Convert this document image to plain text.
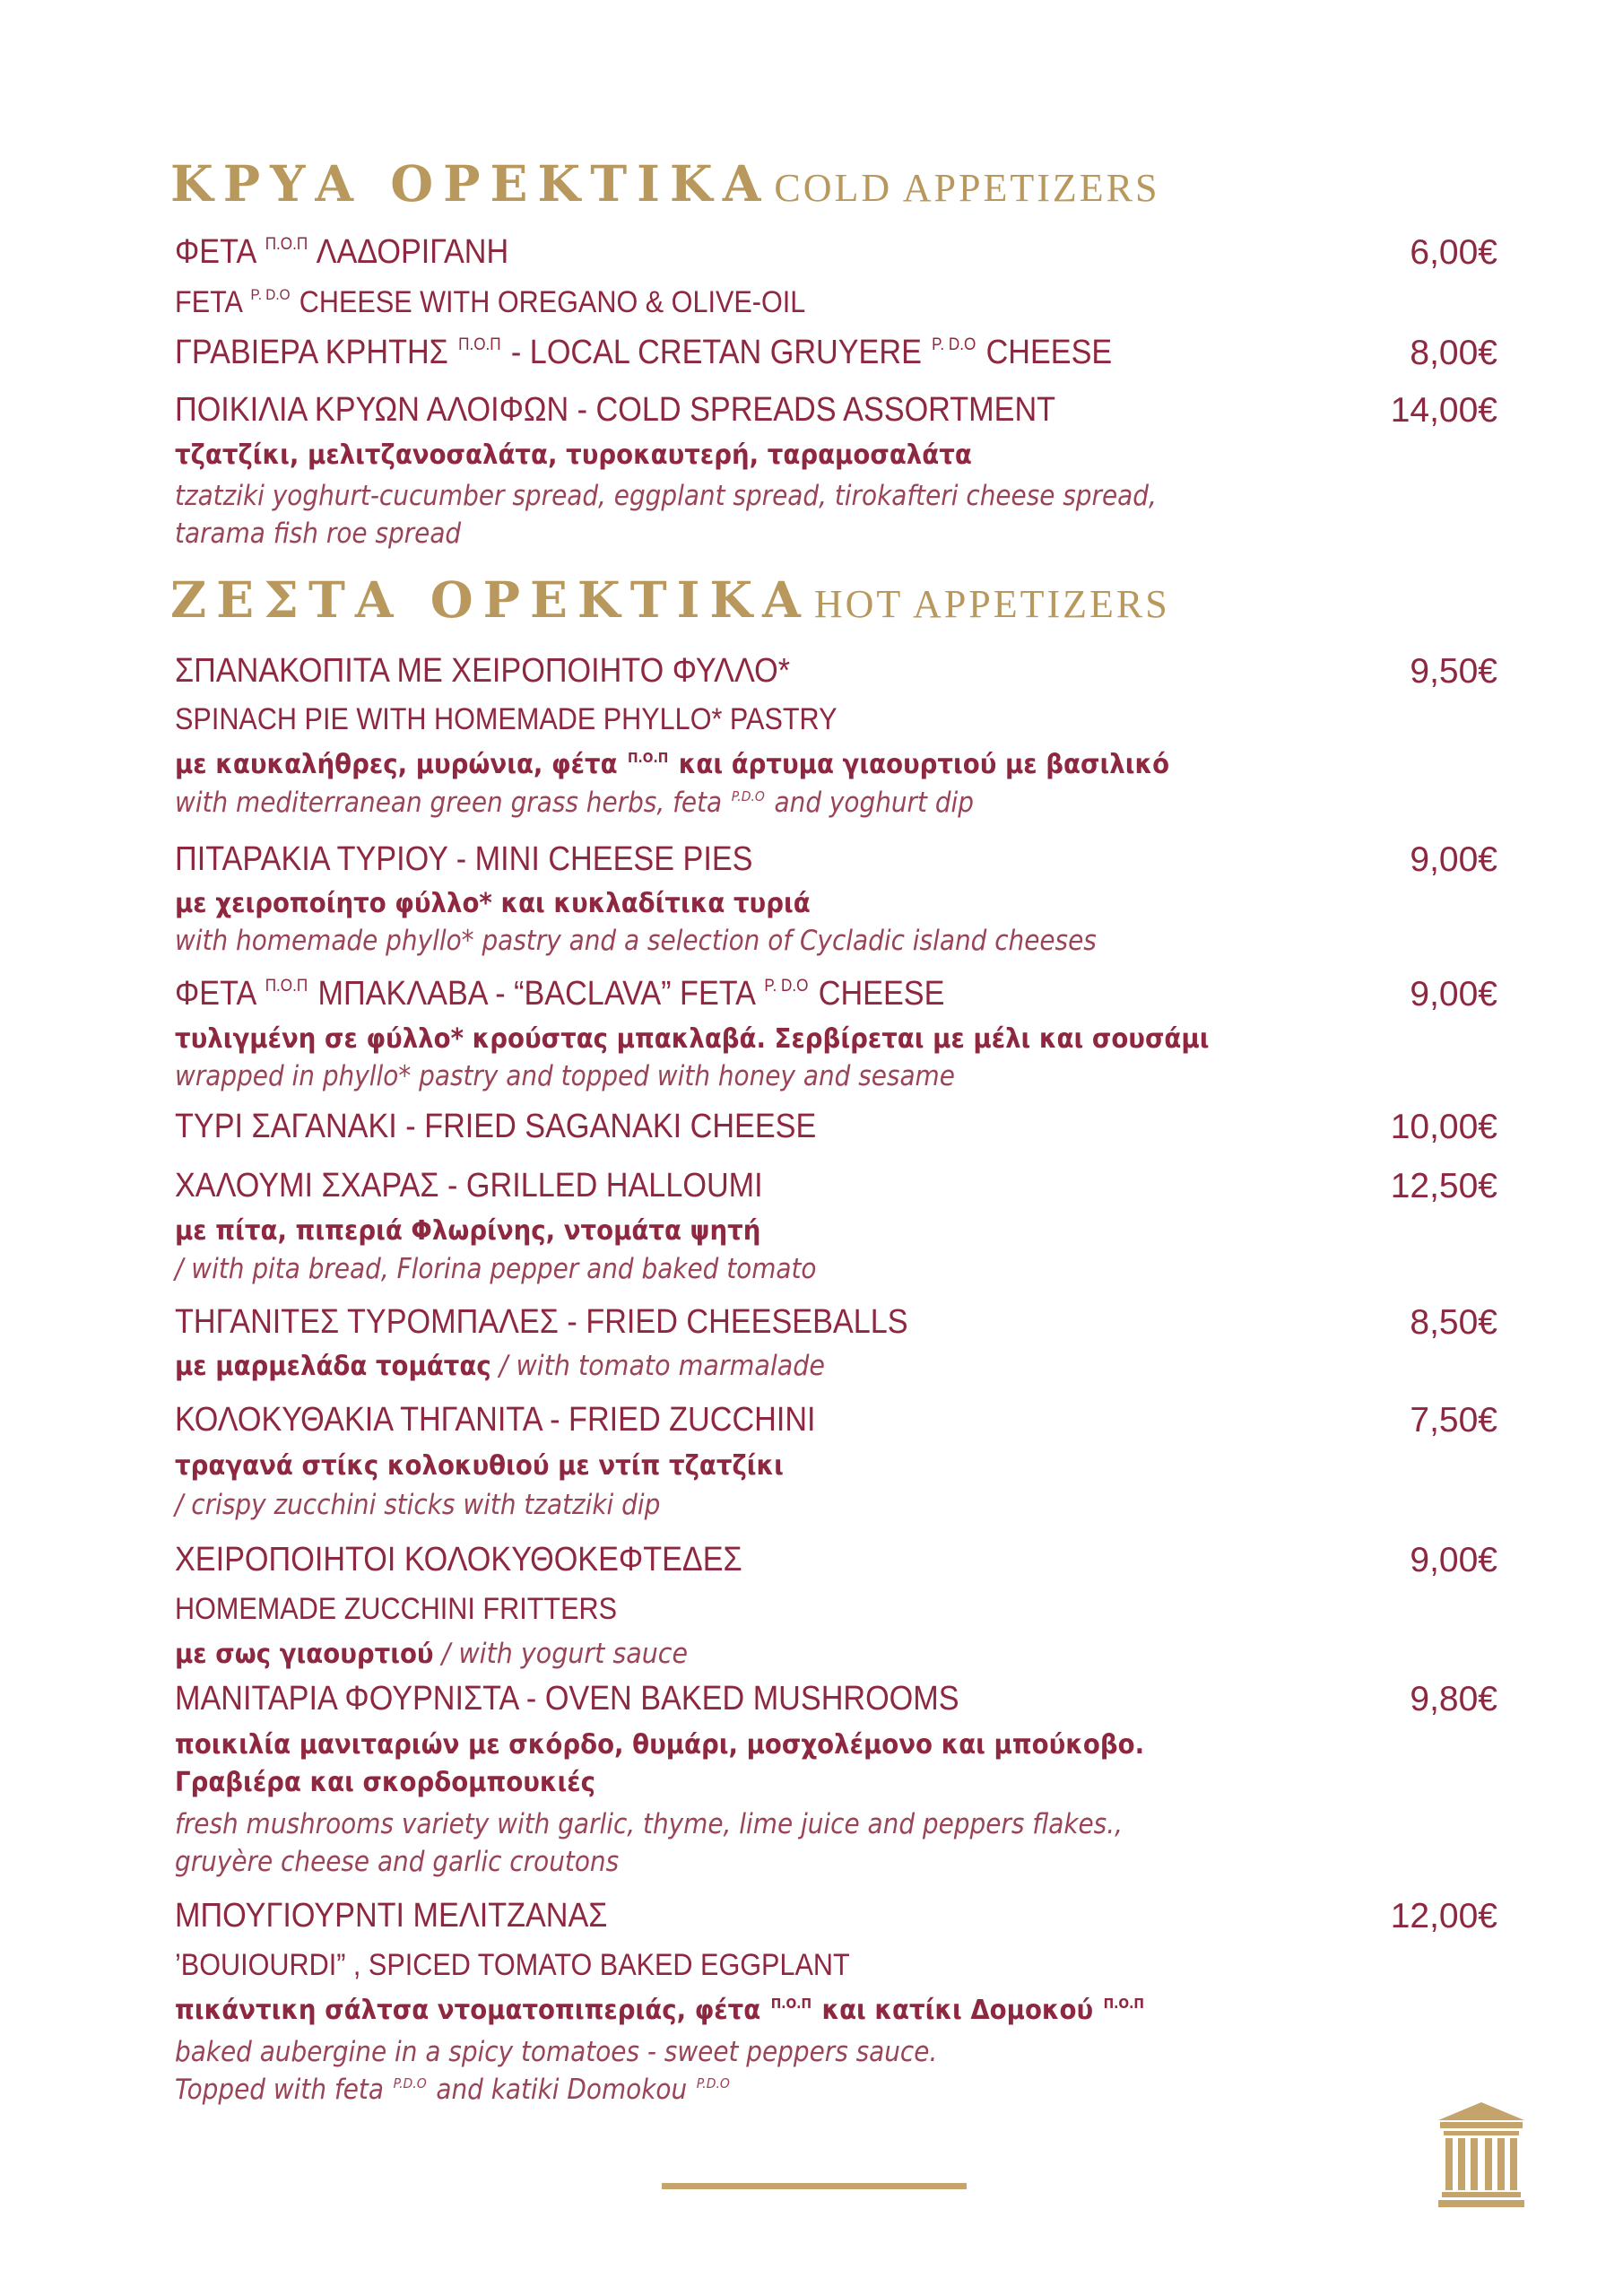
ΚΡΥΑ ΟΡΕΚΤΙΚΑCOLD APPETIZERS
ΦΕΤΑ $^{\Pi.O.\Pi}$ ΛΑΔΟΡΙΓΑΝΗ	6,00€
FETA $^{P. D.O}$ CHEESE WITH OREGANO & OLIVE-OIL
ΓΡΑΒΙΕΡΑ ΚΡΗΤΗΣ $^{\Pi.O.\Pi}$ - LOCAL CRETAN GRUYERE $^{P. D.O}$ CHEESE	8,00€
ΠΟΙΚΙΛΙΑ ΚΡΥΩΝ ΑΛΟΙΦΩΝ - COLD SPREADS ASSORTMENT	14,00€
τζατζίκι, μελιτζανοσαλάτα, τυροκαυτερή, ταραμοσαλάτα
tzatziki yoghurt-cucumber spread, eggplant spread, tirokafteri cheese spread,
tarama fish roe spread
ΖΕΣΤΑ ΟΡΕΚΤΙΚΑHOT APPETIZERS
ΣΠΑΝΑΚΟΠΙΤΑ ΜΕ ΧΕΙΡΟΠΟΙΗΤΟ ΦΥΛΛΟ*	9,50€
SPINACH PIE WITH HOMEMADE PHYLLO* PASTRY
με καυκαλήθρες, μυρώνια, φέτα $^{\Pi.O.\Pi}$ και άρτυμα γιαουρτιού με βασιλικό
with mediterranean green grass herbs, feta $^{P.D.O}$ and yoghurt dip
ΠΙΤΑΡΑΚΙΑ ΤΥΡΙΟΥ - MINI CHEESE PIES	9,00€
με χειροποίητο φύλλο* και κυκλαδίτικα τυριά
with homemade phyllo* pastry and a selection of Cycladic island cheeses
ΦΕΤΑ $^{\Pi.O.\Pi}$ ΜΠΑΚΛΑΒΑ - “BACLAVA” FETA $^{P. D.O}$ CHEESE	9,00€
τυλιγμένη σε φύλλο* κρούστας μπακλαβά. Σερβίρεται με μέλι και σουσάμι
wrapped in phyllo* pastry and topped with honey and sesame
ΤΥΡΙ ΣΑΓΑΝΑΚΙ - FRIED SAGANAKI CHEESE	10,00€
ΧΑΛΟΥΜΙ ΣΧΑΡΑΣ - GRILLED HALLOUMI	12,50€
με πίτα, πιπεριά Φλωρίνης, ντομάτα ψητή
/ with pita bread, Florina pepper and baked tomato
ΤΗΓΑΝΙΤΕΣ ΤΥΡΟΜΠΑΛΕΣ - FRIED CHEESEBALLS	8,50€
με μαρμελάδα τομάτας / with tomato marmalade
ΚΟΛΟΚΥΘΑΚΙΑ ΤΗΓΑΝΙΤΑ - FRIED ZUCCHINI	7,50€
τραγανά στίκς κολοκυθιού με ντίπ τζατζίκι
/ crispy zucchini sticks with tzatziki dip
ΧΕΙΡΟΠΟΙΗΤΟΙ ΚΟΛΟΚΥΘΟΚΕΦΤΕΔΕΣ	9,00€
HOMEMADE ZUCCHINI FRITTERS
με σως γιαουρτιού / with yogurt sauce
ΜΑΝΙΤΑΡΙΑ ΦΟΥΡΝΙΣΤΑ - OVEN BAKED MUSHROOMS	9,80€
ποικιλία μανιταριών με σκόρδο, θυμάρι, μοσχολέμονο και μπούκοβο.
Γραβιέρα και σκορδομπουκιές
fresh mushrooms variety with garlic, thyme, lime juice and peppers flakes.,
gruyère cheese and garlic croutons
ΜΠΟΥΓΙΟΥΡΝΤΙ ΜΕΛΙΤΖΑΝΑΣ	12,00€
’BOUIOURDI” , SPICED TOMATO BAKED EGGPLANT
πικάντικη σάλτσα ντοματοπιπεριάς, φέτα $^{\Pi.O.\Pi}$ και κατίκι Δομοκού $^{\Pi.O.\Pi}$
baked aubergine in a spicy tomatoes - sweet peppers sauce.
Topped with feta $^{P.D.O}$ and katiki Domokou $^{P.D.O}$
